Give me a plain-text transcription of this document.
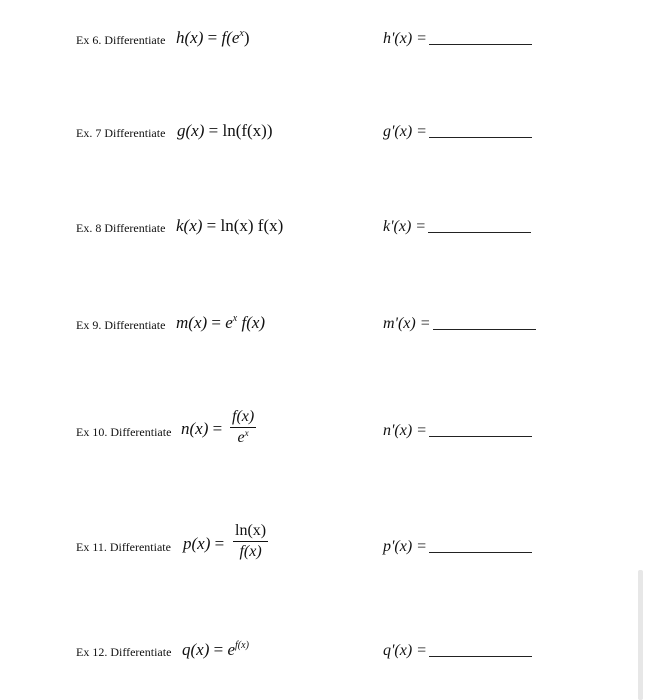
Ex 6. Differentiate $h(x) = f(e^x)$	h'(x) =
Ex. 7 Differentiate g(x) = ln(f(x))	g'(x) =
Ex. 8 Differentiate k(x) = ln(x) f(x)	k'(x) =
Ex 9. Differentiate $m(x) = e^x$ f(x)	m'(x) =
Ex 10. Differentiate $n(x) = \frac{f(x)}{e^x}$	n'(x) =
Ex 11. Differentiate $p(x) = \frac{\ln(x)}{f(x)}$	p'(x) =
Ex 12. Differentiate $q(x) = e^{f(x)}$	q'(x) =
